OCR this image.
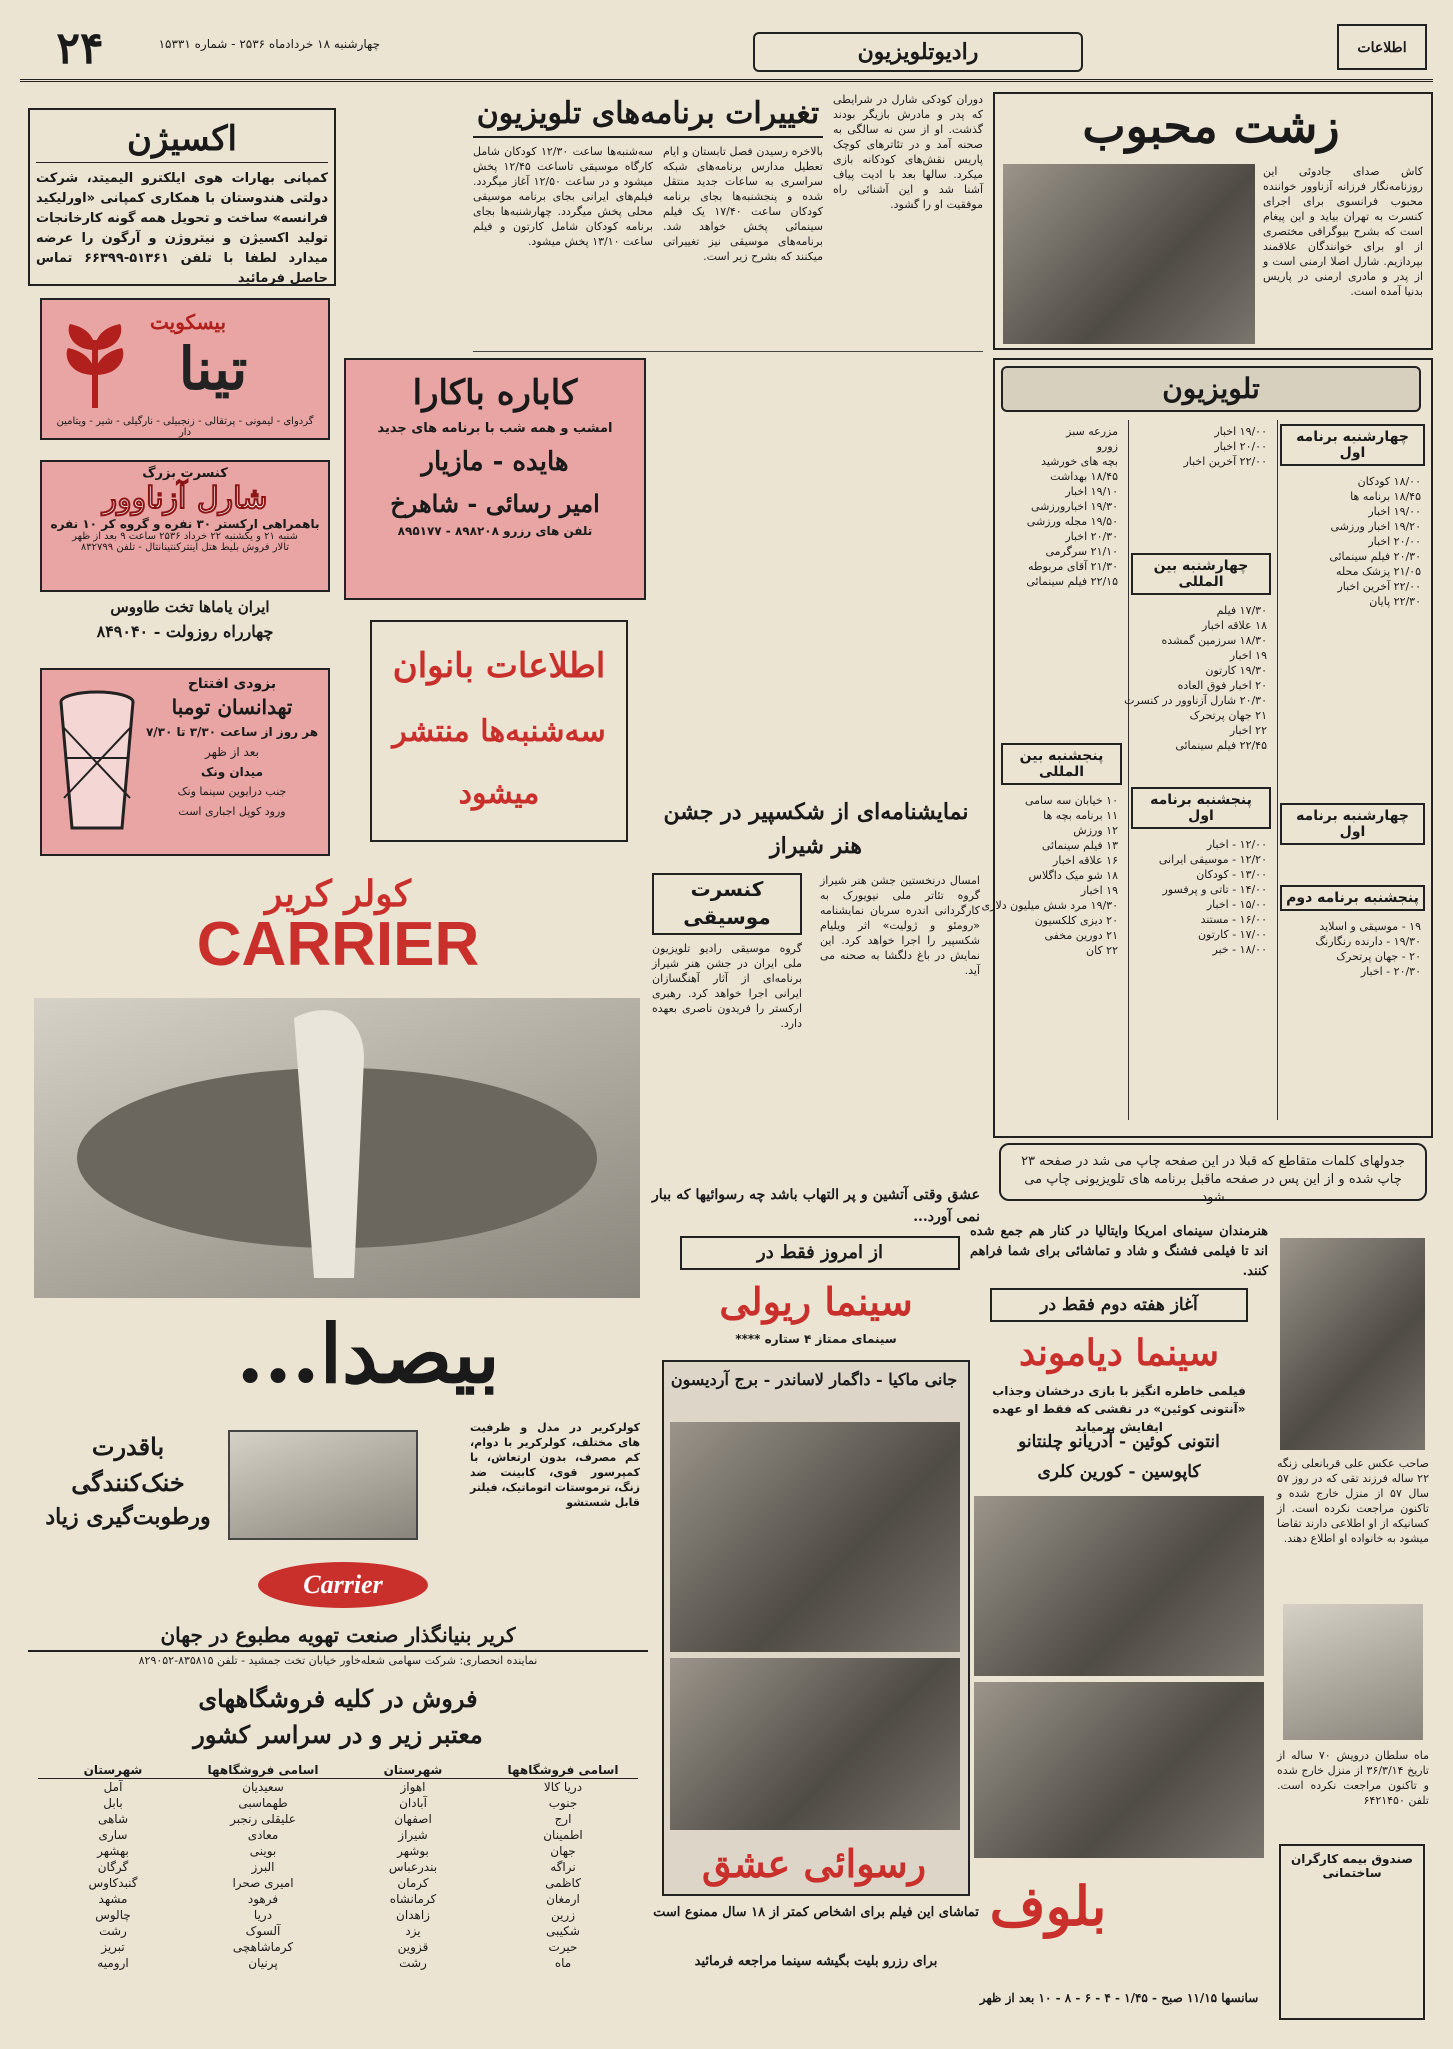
اطلاعات
رادیوتلویزیون
چهارشنبه ۱۸ خردادماه ۲۵۳۶ - شماره ۱۵۳۳۱
۲۴
زشت محبوب
کاش صدای جادوئی این روزنامه‌نگار فرزانه آزناوور خواننده محبوب فرانسوی برای اجرای کنسرت به تهران بیاید و این پیغام است که بشرح بیوگرافی مختصری از او برای خوانندگان علاقمند بپردازیم. شارل اصلا ارمنی است و از پدر و مادری ارمنی در پاریس بدنیا آمده است.
دوران کودکی شارل در شرایطی که پدر و مادرش بازیگر بودند گذشت. او از سن نه سالگی به صحنه آمد و در تئاترهای کوچک پاریس نقش‌های کودکانه بازی میکرد. سالها بعد با ادیت پیاف آشنا شد و این آشنائی راه موفقیت او را گشود.
تغییرات برنامه‌های تلویزیون
بالاخره رسیدن فصل تابستان و ایام تعطیل مدارس برنامه‌های شبکه سراسری به ساعات جدید منتقل شده و پنجشنبه‌ها بجای برنامه کودکان ساعت ۱۷/۴۰ یک فیلم سینمائی پخش خواهد شد. برنامه‌های موسیقی نیز تغییراتی میکنند که بشرح زیر است.
سه‌شنبه‌ها ساعت ۱۲/۳۰ کودکان شامل کارگاه موسیقی تاساعت ۱۲/۴۵ پخش میشود و در ساعت ۱۲/۵۰ آغاز میگردد. فیلم‌های ایرانی بجای برنامه موسیقی محلی پخش میگردد. چهارشنبه‌ها بجای برنامه کودکان شامل کارتون و فیلم ساعت ۱۳/۱۰ پخش میشود.
تلویزیون
چهارشنبه برنامه اول
۱۸/۰۰ کودکان
۱۸/۴۵ برنامه ها
۱۹/۰۰ اخبار
۱۹/۲۰ اخبار ورزشی
۲۰/۰۰ اخبار
۲۰/۳۰ فیلم سینمائی
۲۱/۰۵ پزشک محله
۲۲/۰۰ آخرین اخبار
۲۲/۳۰ پایان
چهارشنبه برنامه اول
پنجشنبه برنامه دوم
۱۹ - موسیقی و اسلاید
۱۹/۳۰ - دارنده رنگارنگ
۲۰ - جهان پرتحرک
۲۰/۳۰ - اخبار
۱۹/۰۰ اخبار
۲۰/۰۰ اخبار
۲۲/۰۰ آخرین اخبار
چهارشنبه بین المللی
۱۷/۳۰ فیلم
۱۸ علاقه اخبار
۱۸/۳۰ سرزمین گمشده
۱۹ اخبار
۱۹/۳۰ کارتون
۲۰ اخبار فوق العاده
۲۰/۳۰ شارل آزناوور در کنسرت
۲۱ جهان پرتحرک
۲۲ اخبار
۲۲/۴۵ فیلم سینمائی
پنجشنبه برنامه اول
۱۲/۰۰ - اخبار
۱۲/۲۰ - موسیقی ایرانی
۱۳/۰۰ - کودکان
۱۴/۰۰ - تاتی و پرفسور
۱۵/۰۰ - اخبار
۱۶/۰۰ - مستند
۱۷/۰۰ - کارتون
۱۸/۰۰ - خبر
مزرعه سبز
زورو
بچه های خورشید
۱۸/۴۵ بهداشت
۱۹/۱۰ اخبار
۱۹/۳۰ اخبارورزشی
۱۹/۵۰ مجله ورزشی
۲۰/۳۰ اخبار
۲۱/۱۰ سرگرمی
۲۱/۳۰ آقای مربوطه
۲۲/۱۵ فیلم سینمائی
پنجشنبه بین المللی
۱۰ خیابان سه سامی
۱۱ برنامه بچه ها
۱۲ ورزش
۱۳ فیلم سینمائی
۱۶ علاقه اخبار
۱۸ شو میک داگلاس
۱۹ اخبار
۱۹/۳۰ مرد شش میلیون دلاری
۲۰ دیزی کلکسیون
۲۱ دورین مخفی
۲۲ کان
جدولهای کلمات متقاطع که قبلا در این صفحه چاپ می شد در صفحه ۲۳ چاپ شده و از این پس در صفحه ماقبل برنامه های تلویزیونی چاپ می شود
اکسیژن
کمپانی بهارات هوی ایلکترو الیمیتد، شرکت دولتی هندوستان با همکاری کمپانی «اورلیکید فرانسه» ساخت و تحویل همه گونه کارخانجات تولید اکسیژن و نیتروژن و آرگون را عرضه میدارد لطفا با تلفن ۵۱۳۶۱-۶۶۳۹۹ تماس حاصل فرمائید
بیسکویت
تینا
گردوای - لیمونی - پرتقالی - زنجبیلی - نارگیلی - شیر - ویتامین دار
کنسرت بزرگ
شارل آزناوور
باهمراهی ارکستر ۳۰ نفره و گروه کر ۱۰ نفره
شنبه ۲۱ و یکشنبه ۲۲ خرداد ۲۵۳۶ ساعت ۹ بعد از ظهر
تالار فروش بلیط هتل اینترکنتینانتال - تلفن ۸۳۲۷۹۹
ایران یاماها تخت طاووس
چهارراه روزولت - ۸۴۹۰۴۰
بزودی افتتاح
تهدانسان تومبا
هر روز از ساعت ۳/۳۰ تا ۷/۳۰
بعد از ظهر
میدان ونک
جنب درایوین سینما ونک
ورود کوپل اجباری است
کاباره باکارا
امشب و همه شب با برنامه های جدید
هایده - مازیار
امیر رسائی - شاهرخ
تلفن های رزرو ۸۹۸۲۰۸ - ۸۹۵۱۷۷
اطلاعات بانوان
سه‌شنبه‌ها منتشر
میشود
نمایشنامه‌ای از شکسپیر در جشن هنر شیراز
امسال درنخستین جشن هنر شیراز گروه تئاتر ملی نیویورک به کارگردانی اندره سربان نمایشنامه «رومئو و ژولیت» اثر ویلیام شکسپیر را اجرا خواهد کرد. این نمایش در باغ دلگشا به صحنه می آید.
کنسرت موسیقی
گروه موسیقی رادیو تلویزیون ملی ایران در جشن هنر شیراز برنامه‌ای از آثار آهنگسازان ایرانی اجرا خواهد کرد. رهبری ارکستر را فریدون ناصری بعهده دارد.
کولر کریر
CARRIER
بیصدا...
کولرکریر در مدل و ظرفیت های مختلف، کولرکریر با دوام، کم مصرف، بدون ارتعاش، با کمپرسور قوی، کابینت ضد زنگ، ترموستات اتوماتیک، فیلتر قابل شستشو
باقدرت
خنک‌کنندگی
ورطوبت‌گیری زیاد
Carrier
کریر بنیانگذار صنعت تهویه مطبوع در جهان
نماینده انحصاری: شرکت سهامی شعله‌خاور خیابان تخت جمشید - تلفن ۸۳۵۸۱۵-۸۲۹۰۵۲
فروش در کلیه فروشگاههای
معتبر زیر و در سراسر کشور
اسامی فروشگاهها
دریا کالا
جنوب
ارج
اطمینان
جهان
نراگه
کاظمی
ارمغان
زرین
شکیبی
حیرت
ماه
شهرستان
اهواز
آبادان
اصفهان
شیراز
بوشهر
بندرعباس
کرمان
کرمانشاه
زاهدان
یزد
قزوین
رشت
اسامی فروشگاهها
سعیدیان
طهماسبی
علیقلی رنجبر
معادی
بوینی
البرز
امیری صحرا
فرهود
دریا
آلسوک
کرماشاهچی
پرنیان
شهرستان
آمل
بابل
شاهی
ساری
بهشهر
گرگان
گنبدکاوس
مشهد
چالوس
رشت
تبریز
ارومیه
عشق وقتی آتشین و پر التهاب باشد چه رسوائیها که ببار نمی آورد...
از امروز فقط در
سینما ریولی
سینمای ممتاز ۴ ستاره ****
جانی ماکیا - داگمار لاساندر - برج آردیسون
رسوائی عشق
تماشای این فیلم برای اشخاص کمتر از ۱۸ سال ممنوع است
برای رزرو بلیت بگیشه سینما مراجعه فرمائید
هنرمندان سینمای امریکا وایتالیا در کنار هم جمع شده اند تا فیلمی فشنگ و شاد و تماشائی برای شما فراهم کنند.
آغاز هفته دوم فقط در
سینما دیاموند
فیلمی خاطره انگیز با بازی درخشان وجذاب «آنتونی کوئین» در نقشی که فقط او عهده ایفایش برمیاید
انتونی کوئین - آدریانو چلنتانو
کاپوسین - کورین کلری
بلوف
سانسها ۱۱/۱۵ صبح - ۱/۴۵ - ۴ - ۶ - ۸ - ۱۰ بعد از ظهر
صاحب عکس علی قربانعلی زنگه ۲۲ ساله فرزند تقی که در روز ۵۷ سال ۵۷ از منزل خارج شده و تاکنون مراجعت نکرده است. از کسانیکه از او اطلاعی دارند تقاضا میشود به خانواده او اطلاع دهند.
ماه سلطان درویش ۷۰ ساله از تاریخ ۳۶/۳/۱۴ از منزل خارج شده و تاکنون مراجعت نکرده است. تلفن ۶۴۲۱۴۵۰
صندوق بیمه کارگران ساختمانی
